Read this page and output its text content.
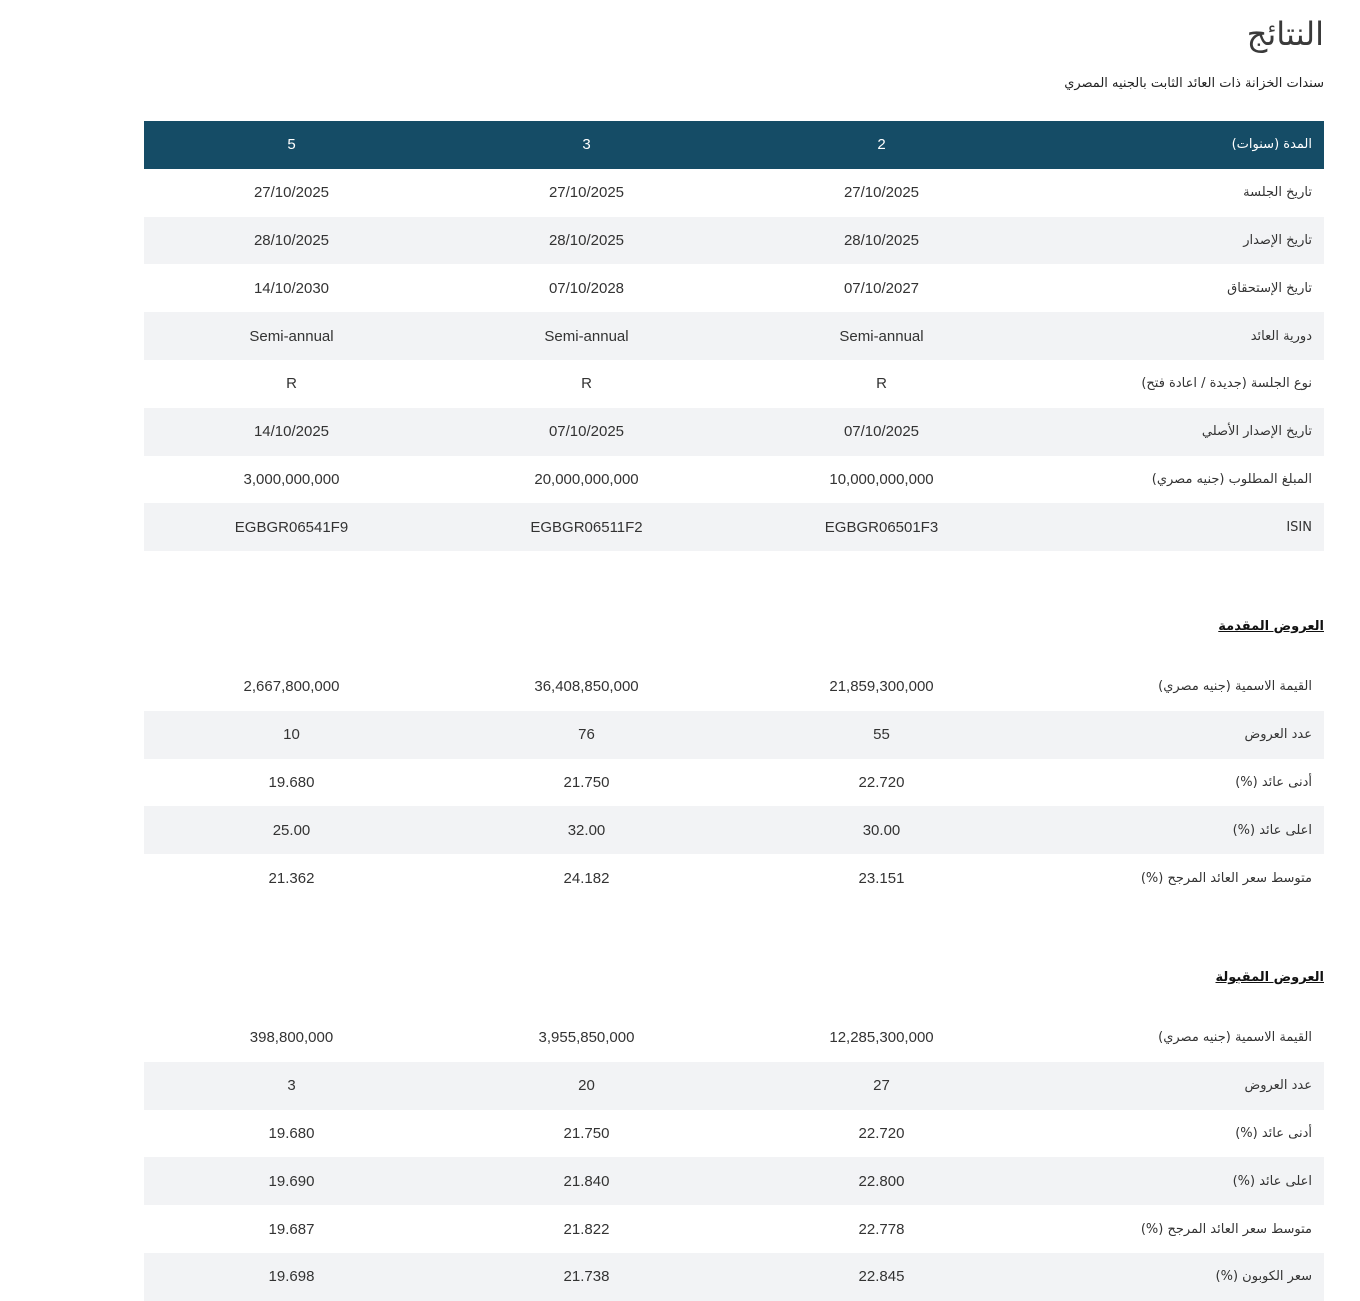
النتائج
سندات الخزانة ذات العائد الثابت بالجنيه المصري
5	3	2	المدة (سنوات)
27/10/2025	27/10/2025	27/10/2025	تاريخ الجلسة
28/10/2025	28/10/2025	28/10/2025	تاريخ الإصدار
14/10/2030	07/10/2028	07/10/2027	تاريخ الإستحقاق
Semi-annual	Semi-annual	Semi-annual	دورية العائد
R	R	R	نوع الجلسة (جديدة / اعادة فتح)
14/10/2025	07/10/2025	07/10/2025	تاريخ الإصدار الأصلي
3,000,000,000	20,000,000,000	10,000,000,000	المبلغ المطلوب (جنيه مصري)
EGBGR06541F9	EGBGR06511F2	EGBGR06501F3	ISIN
العروض المقدمة
2,667,800,000	36,408,850,000	21,859,300,000	القيمة الاسمية (جنيه مصري)
10	76	55	عدد العروض
19.680	21.750	22.720	أدنى عائد (%)
25.00	32.00	30.00	اعلى عائد (%)
21.362	24.182	23.151	متوسط سعر العائد المرجح (%)
العروض المقبولة
398,800,000	3,955,850,000	12,285,300,000	القيمة الاسمية (جنيه مصري)
3	20	27	عدد العروض
19.680	21.750	22.720	أدنى عائد (%)
19.690	21.840	22.800	اعلى عائد (%)
19.687	21.822	22.778	متوسط سعر العائد المرجح (%)
19.698	21.738	22.845	سعر الكوبون (%)
